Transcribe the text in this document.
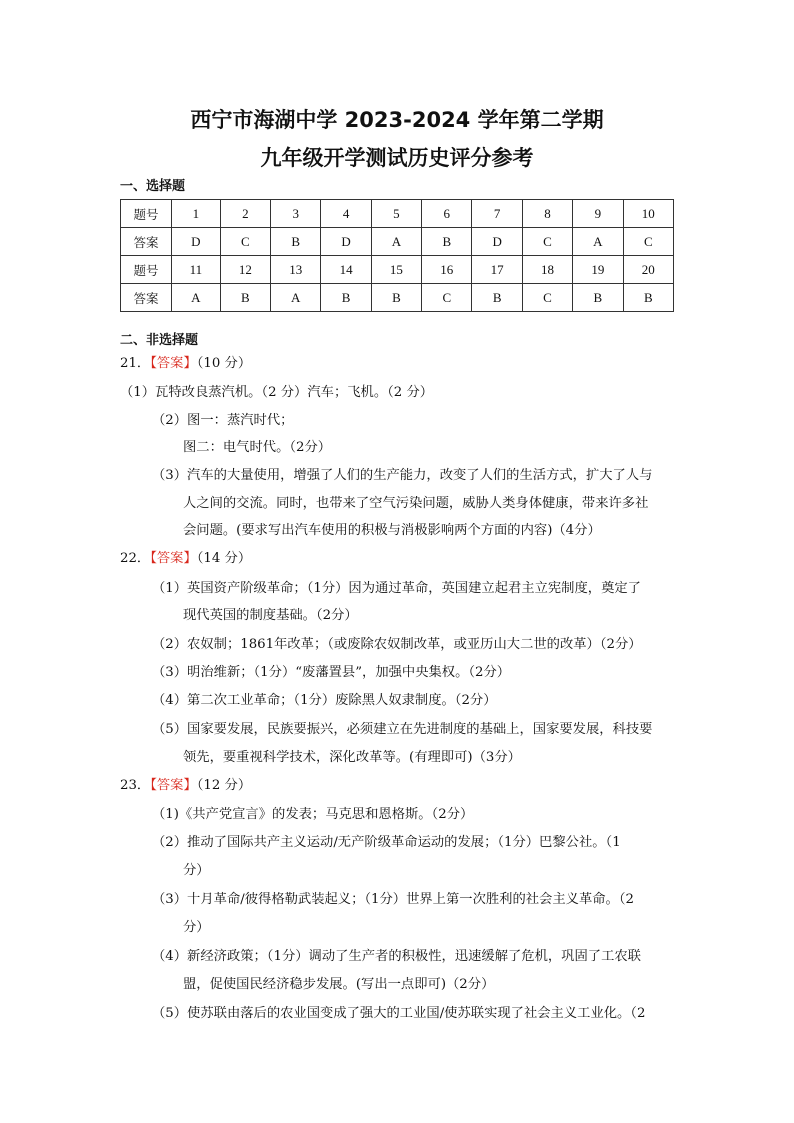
西宁市海湖中学 2023-2024 学年第二学期
九年级开学测试历史评分参考
一、选择题
题号	1	2	3	4	5	6	7	8	9	10
答案	D	C	B	D	A	B	D	C	A	C
题号	11	12	13	14	15	16	17	18	19	20
答案	A	B	A	B	B	C	B	C	B	B
二、非选择题
21．【答案】（10 分）
（1）瓦特改良蒸汽机。（2 分）汽车；飞机。（2 分）
（2）图一：蒸汽时代；
图二：电气时代。（2分）
（3）汽车的大量使用，增强了人们的生产能力，改变了人们的生活方式，扩大了人与
人之间的交流。同时，也带来了空气污染问题，威胁人类身体健康，带来许多社
会问题。(要求写出汽车使用的积极与消极影响两个方面的内容)（4分）
22．【答案】（14 分）
（1）英国资产阶级革命；（1分）因为通过革命，英国建立起君主立宪制度，奠定了
现代英国的制度基础。（2分）
（2）农奴制；1861年改革；（或废除农奴制改革，或亚历山大二世的改革）（2分）
（3）明治维新；（1分）“废藩置县”，加强中央集权。（2分）
（4）第二次工业革命；（1分）废除黑人奴隶制度。（2分）
（5）国家要发展，民族要振兴，必须建立在先进制度的基础上，国家要发展，科技要
领先，要重视科学技术，深化改革等。(有理即可)（3分）
23．【答案】（12 分）
（1)《共产党宣言》的发表；马克思和恩格斯。（2分）
（2）推动了国际共产主义运动/无产阶级革命运动的发展；（1分）巴黎公社。（1
分）
（3）十月革命/彼得格勒武装起义；（1分）世界上第一次胜利的社会主义革命。（2
分）
（4）新经济政策；（1分）调动了生产者的积极性，迅速缓解了危机，巩固了工农联
盟，促使国民经济稳步发展。(写出一点即可)（2分）
（5）使苏联由落后的农业国变成了强大的工业国/使苏联实现了社会主义工业化。（2
